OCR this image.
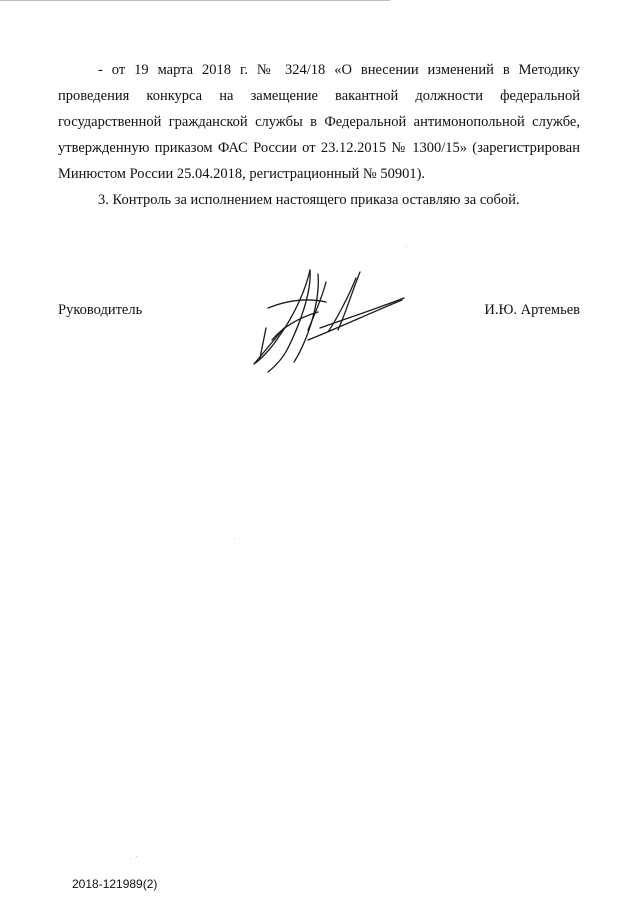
- от 19 марта 2018 г. № 324/18 «О внесении изменений в Методику проведения конкурса на замещение вакантной должности федеральной государственной гражданской службы в Федеральной антимонопольной службе, утвержденную приказом ФАС России от 23.12.2015 № 1300/15» (зарегистрирован Минюстом России 25.04.2018, регистрационный № 50901).

3. Контроль за исполнением настоящего приказа оставляю за собой.

Руководитель	И.Ю. Артемьев
2018-121989(2)
